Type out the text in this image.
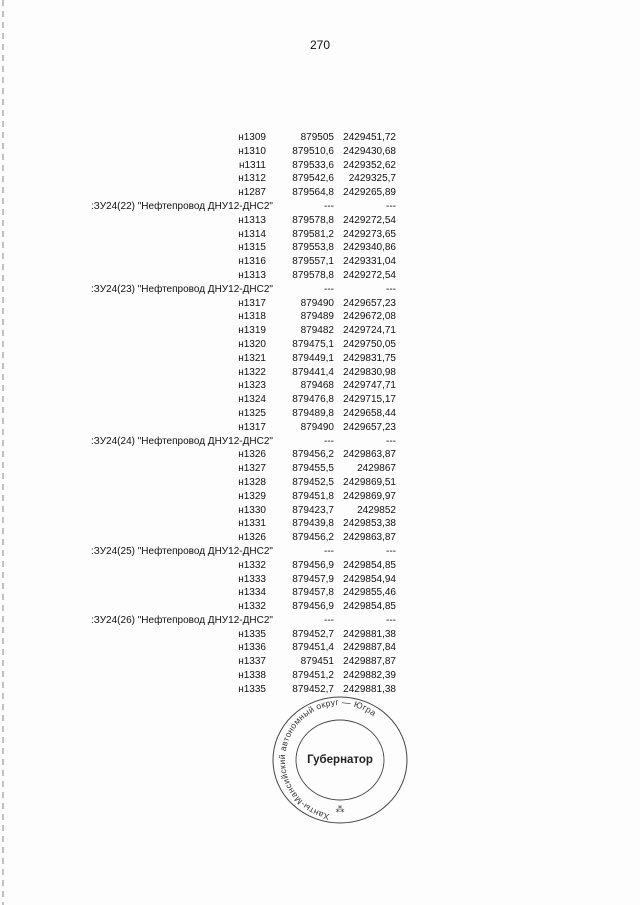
270
н1309	879505 2429451,72
н1310	879510,6 2429430,68
н1311	879533,6 2429352,62
н1312	879542,6 2429325,7
н1287	879564,8 2429265,89
:ЗУ24(22) "Нефтепровод ДНУ12-ДНС2"	---	---
н1313	879578,8 2429272,54
н1314	879581,2 2429273,65
н1315	879553,8 2429340,86
н1316	879557,1 2429331,04
н1313	879578,8 2429272,54
:ЗУ24(23) "Нефтепровод ДНУ12-ДНС2"	---	---
н1317	879490 2429657,23
н1318	879489 2429672,08
н1319	879482 2429724,71
н1320	879475,1 2429750,05
н1321	879449,1 2429831,75
н1322	879441,4 2429830,98
н1323	879468 2429747,71
н1324	879476,8 2429715,17
н1325	879489,8 2429658,44
н1317	879490 2429657,23
:ЗУ24(24) "Нефтепровод ДНУ12-ДНС2"	---	---
н1326	879456,2 2429863,87
н1327	879455,5 2429867
н1328	879452,5 2429869,51
н1329	879451,8 2429869,97
н1330	879423,7 2429852
н1331	879439,8 2429853,38
н1326	879456,2 2429863,87
:ЗУ24(25) "Нефтепровод ДНУ12-ДНС2"	---	---
н1332	879456,9 2429854,85
н1333	879457,9 2429854,94
н1334	879457,8 2429855,46
н1332	879456,9 2429854,85
:ЗУ24(26) "Нефтепровод ДНУ12-ДНС2"	---	---
н1335	879452,7 2429881,38
н1336	879451,4 2429887,84
н1337	879451 2429887,87
н1338	879451,2 2429882,39
н1335	879452,7 2429881,38
Ханты-Мансийский автономный округ — Югра
Губернатор
⁂
